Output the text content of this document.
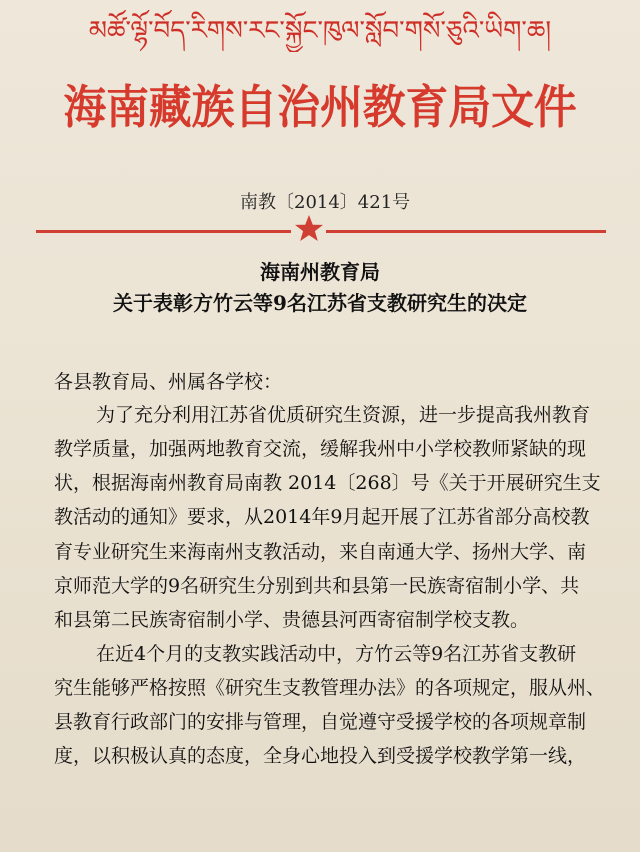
མཚོ་ལྷོ་བོད་རིགས་རང་སྐྱོང་ཁུལ་སློབ་གསོ་ཅུའི་ཡིག་ཆ།
海南藏族自治州教育局文件
南教〔2014〕421号
海南州教育局
关于表彰方竹云等9名江苏省支教研究生的决定
各县教育局、州属各学校：
为了充分利用江苏省优质研究生资源，进一步提高我州教育
教学质量，加强两地教育交流，缓解我州中小学校教师紧缺的现
状，根据海南州教育局南教 2014〔268〕号《关于开展研究生支
教活动的通知》要求，从2014年9月起开展了江苏省部分高校教
育专业研究生来海南州支教活动，来自南通大学、扬州大学、南
京师范大学的9名研究生分别到共和县第一民族寄宿制小学、共
和县第二民族寄宿制小学、贵德县河西寄宿制学校支教。
在近4个月的支教实践活动中，方竹云等9名江苏省支教研
究生能够严格按照《研究生支教管理办法》的各项规定，服从州、
县教育行政部门的安排与管理，自觉遵守受援学校的各项规章制
度，以积极认真的态度，全身心地投入到受援学校教学第一线，
